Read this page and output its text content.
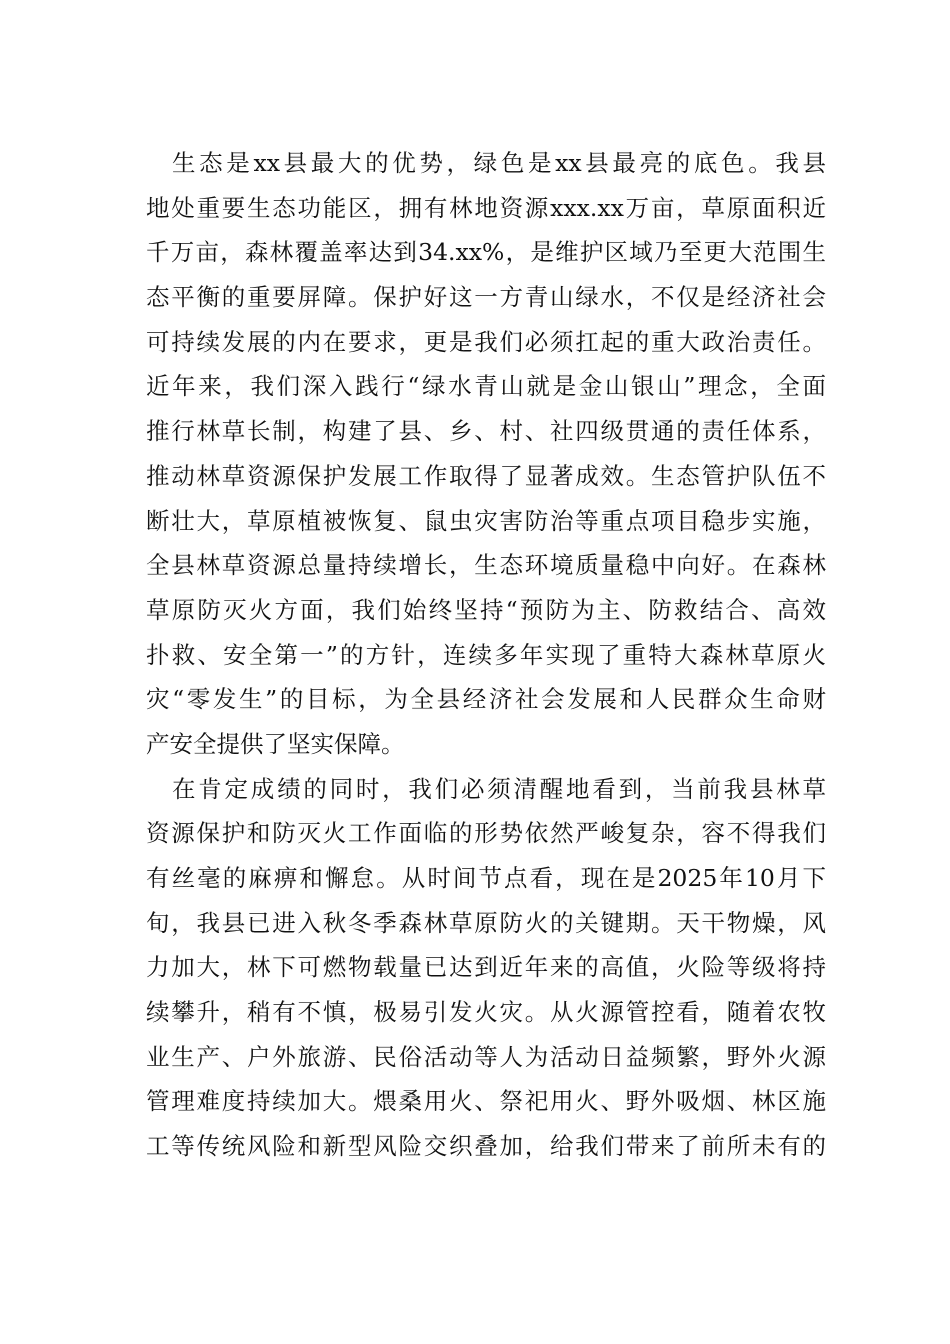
生态是xx县最大的优势，绿色是xx县最亮的底色。我县
地处重要生态功能区，拥有林地资源xxx.xx万亩，草原面积近
千万亩，森林覆盖率达到34.xx%，是维护区域乃至更大范围生
态平衡的重要屏障。保护好这一方青山绿水，不仅是经济社会
可持续发展的内在要求，更是我们必须扛起的重大政治责任。
近年来，我们深入践行“绿水青山就是金山银山”理念，全面
推行林草长制，构建了县、乡、村、社四级贯通的责任体系，
推动林草资源保护发展工作取得了显著成效。生态管护队伍不
断壮大，草原植被恢复、鼠虫灾害防治等重点项目稳步实施，
全县林草资源总量持续增长，生态环境质量稳中向好。在森林
草原防灭火方面，我们始终坚持“预防为主、防救结合、高效
扑救、安全第一”的方针，连续多年实现了重特大森林草原火
灾“零发生”的目标，为全县经济社会发展和人民群众生命财
产安全提供了坚实保障。
在肯定成绩的同时，我们必须清醒地看到，当前我县林草
资源保护和防灭火工作面临的形势依然严峻复杂，容不得我们
有丝毫的麻痹和懈怠。从时间节点看，现在是2025年10月下
旬，我县已进入秋冬季森林草原防火的关键期。天干物燥，风
力加大，林下可燃物载量已达到近年来的高值，火险等级将持
续攀升，稍有不慎，极易引发火灾。从火源管控看，随着农牧
业生产、户外旅游、民俗活动等人为活动日益频繁，野外火源
管理难度持续加大。煨桑用火、祭祀用火、野外吸烟、林区施
工等传统风险和新型风险交织叠加，给我们带来了前所未有的
